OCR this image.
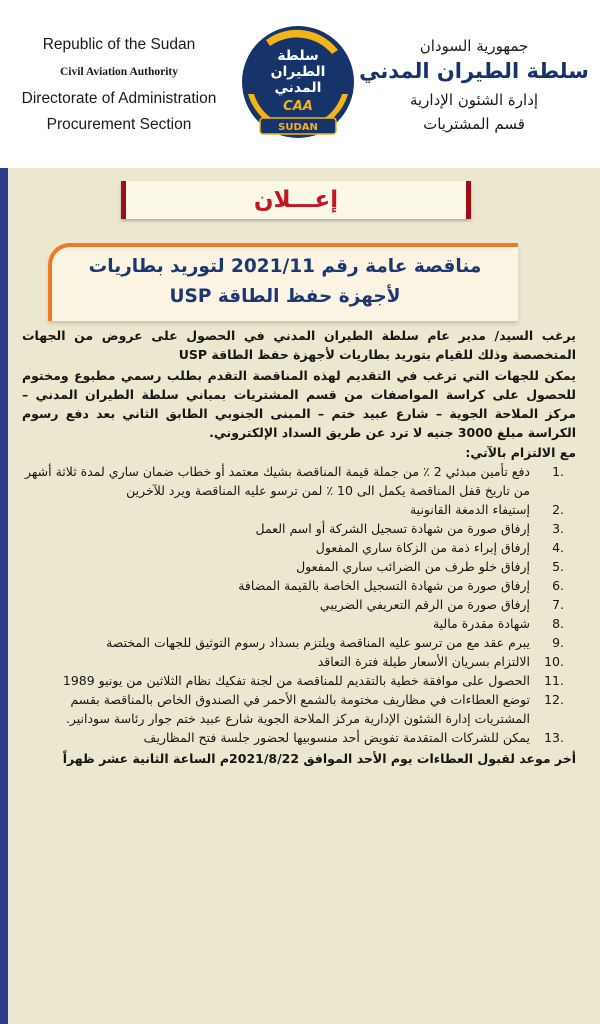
Republic of the Sudan
Civil Aviation Authority
Directorate of Administration
Procurement Section
سلطة
الطيران
المدني
CAA
SUDAN
جمهورية السودان
سلطة الطيران المدني
إدارة الشئون الإدارية
قسم المشتريات
إعـــلان
مناقصة عامة رقم 2021/11 لتوريد بطاريات
لأجهزة حفظ الطاقة USP

يرغب السيد/ مدير عام سلطة الطيران المدني في الحصول على عروض من الجهات المتخصصة وذلك للقيام بتوريد بطاريات لأجهزة حفظ الطاقة USP

يمكن للجهات التي ترغب في التقديم لهذه المناقصة التقدم بطلب رسمي مطبوع ومختوم للحصول على كراسة المواصفات من قسم المشتريات بمباني سلطة الطيران المدني – مركز الملاحة الجوية – شارع عبيد ختم – المبنى الجنوبي الطابق الثاني بعد دفع رسوم الكراسة مبلغ 3000 جنيه لا ترد عن طريق السداد الإلكتروني.

مع الالتزام بالآتي:

1.
دفع تأمين مبدئي 2 ٪ من جملة قيمة المناقصة بشيك معتمد أو خطاب ضمان ساري لمدة ثلاثة أشهر من تاريخ قفل المناقصة يكمل الى 10 ٪ لمن ترسو عليه المناقصة ويرد للآخرين
2.
إستيفاء الدمغة القانونية
3.
إرفاق صورة من شهادة تسجيل الشركة أو اسم العمل
4.
إرفاق إبراء ذمة من الزكاة ساري المفعول
5.
إرفاق خلو طرف من الضرائب ساري المفعول
6.
إرفاق صورة من شهادة التسجيل الخاصة بالقيمة المضافة
7.
إرفاق صورة من الرقم التعريفي الضريبي
8.
شهادة مقدرة مالية
9.
يبرم عقد مع من ترسو عليه المناقصة ويلتزم بسداد رسوم التوثيق للجهات المختصة
10.
الالتزام بسريان الأسعار طيلة فترة التعاقد
11.
الحصول على موافقة خطية بالتقديم للمناقصة من لجنة تفكيك نظام الثلاثين من يونيو 1989
12.
توضع العطاءات في مظاريف مختومة بالشمع الأحمر في الصندوق الخاص بالمناقصة بقسم المشتريات إدارة الشئون الإدارية مركز الملاحة الجوية شارع عبيد ختم جوار رئاسة سودانير.
13.
يمكن للشركات المتقدمة تفويض أحد منسوبيها لحضور جلسة فتح المظاريف

أخر موعد لقبول العطاءات يوم الأحد الموافق 2021/8/22م الساعة الثانية عشر ظهراً
